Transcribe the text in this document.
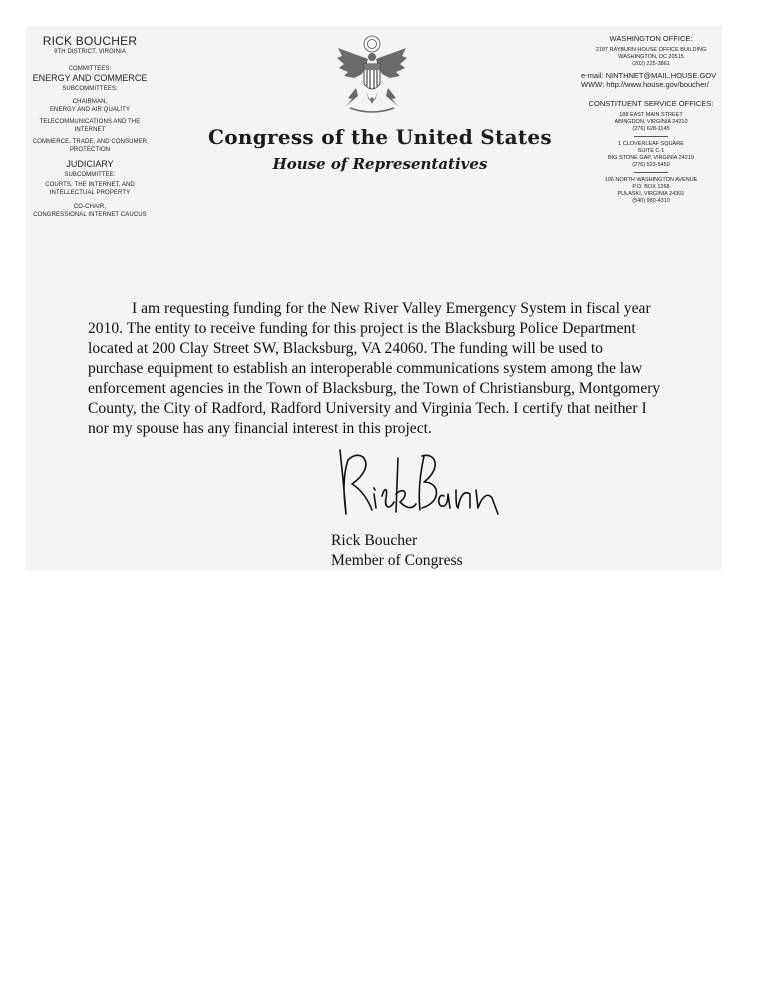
RICK BOUCHER
9TH DISTRICT, VIRGINIA
COMMITTEES:
ENERGY AND COMMERCE
SUBCOMMITTEES:
CHAIRMAN,
ENERGY AND AIR QUALITY
TELECOMMUNICATIONS AND THE INTERNET
COMMERCE, TRADE, AND CONSUMER PROTECTION
JUDICIARY
SUBCOMMITTEE:
COURTS, THE INTERNET, AND INTELLECTUAL PROPERTY
CO-CHAIR,
CONGRESSIONAL INTERNET CAUCUS
Congress of the United States
House of Representatives
WASHINGTON OFFICE:
2187 RAYBURN HOUSE OFFICE BUILDING
WASHINGTON, DC 20515
(202) 225-3861
e-mail: NINTHNET@MAIL.HOUSE.GOV
WWW: http://www.house.gov/boucher/
CONSTITUENT SERVICE OFFICES:
188 EAST MAIN STREET
ABINGDON, VIRGINIA 24210
(276) 628-1145
1 CLOVERLEAF SQUARE
SUITE C-1
BIG STONE GAP, VIRGINIA 24219
(276) 523-5450
106 NORTH WASHINGTON AVENUE
P.O. BOX 1268
PULASKI, VIRGINIA 24301
(540) 980-4310
I am requesting funding for the New River Valley Emergency System in fiscal year
2010. The entity to receive funding for this project is the Blacksburg Police Department
located at 200 Clay Street SW, Blacksburg, VA 24060. The funding will be used to
purchase equipment to establish an interoperable communications system among the law
enforcement agencies in the Town of Blacksburg, the Town of Christiansburg, Montgomery
County, the City of Radford, Radford University and Virginia Tech. I certify that neither I
nor my spouse has any financial interest in this project.
Rick Boucher
Member of Congress
